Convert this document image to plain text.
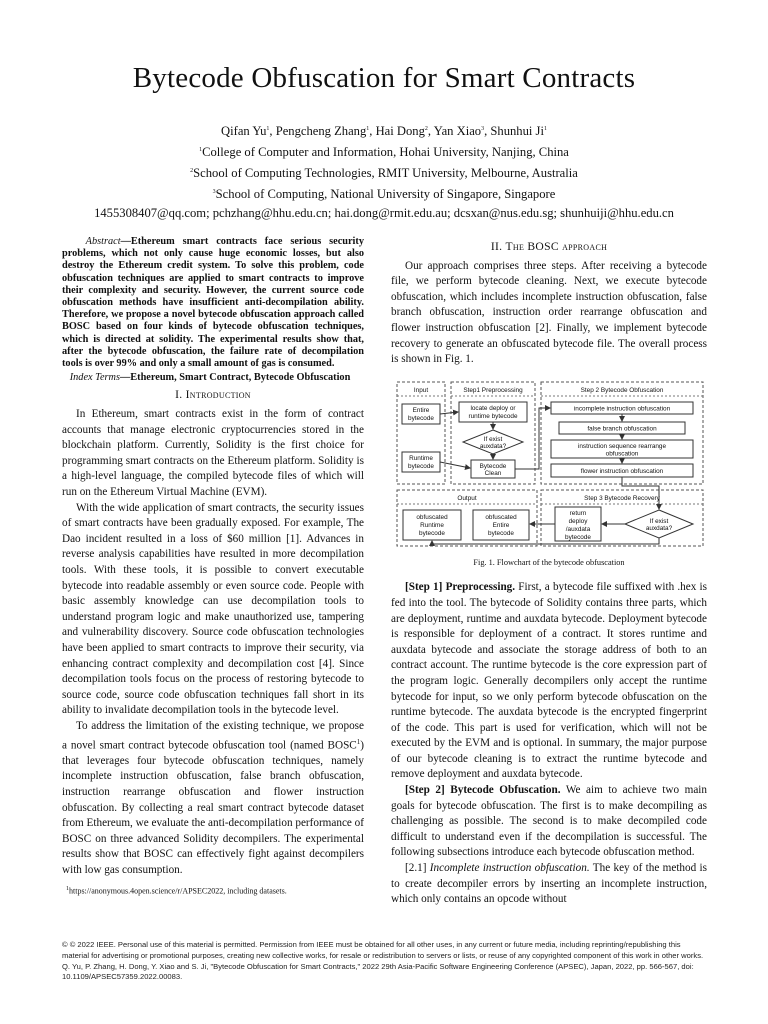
Bytecode Obfuscation for Smart Contracts
Qifan Yu$^1$, Pengcheng Zhang$^1$, Hai Dong$^2$, Yan Xiao$^3$, Shunhui Ji$^1$
$^1$College of Computer and Information, Hohai University, Nanjing, China
$^2$School of Computing Technologies, RMIT University, Melbourne, Australia
$^3$School of Computing, National University of Singapore, Singapore
1455308407@qq.com; pchzhang@hhu.edu.cn; hai.dong@rmit.edu.au; dcsxan@nus.edu.sg; shunhuiji@hhu.edu.cn

Abstract—Ethereum smart contracts face serious security problems, which not only cause huge economic losses, but also destroy the Ethereum credit system. To solve this problem, code obfuscation techniques are applied to smart contracts to improve their complexity and security. However, the current source code obfuscation methods have insufficient anti-decompilation ability. Therefore, we propose a novel bytecode obfuscation approach called BOSC based on four kinds of bytecode obfuscation techniques, which is directed at solidity. The experimental results show that, after the bytecode obfuscation, the failure rate of decompilation tools is over 99% and only a small amount of gas is consumed.

Index Terms—Ethereum, Smart Contract, Bytecode Obfuscation

I. Introduction

In Ethereum, smart contracts exist in the form of contract accounts that manage electronic cryptocurrencies stored in the blockchain platform. Currently, Solidity is the first choice for programming smart contracts on the Ethereum platform. Solidity is a high-level language, the compiled bytecode files of which will run on the Ethereum Virtual Machine (EVM).

With the wide application of smart contracts, the security issues of smart contracts have been gradually exposed. For example, The Dao incident resulted in a loss of $60 million [1]. Advances in reverse analysis capabilities have resulted in more decompilation tools. With these tools, it is possible to convert executable bytecode into readable assembly or even source code. People with basic assembly knowledge can use decompilation tools to understand program logic and make unauthorized use, tampering and vulnerability discovery. Source code obfuscation technologies have been applied to smart contracts to improve their security, via enhancing contract complexity and decompilation cost [4]. Since decompilation tools focus on the process of restoring bytecode to source code, source code obfuscation techniques fall short in its ability to invalidate decompilation tools in the bytecode level.

To address the limitation of the existing technique, we propose a novel smart contract bytecode obfuscation tool (named BOSC$^1$) that leverages four bytecode obfuscation techniques, namely incomplete instruction obfuscation, false branch obfuscation, instruction rearrange obfuscation and flower instruction obfuscation. By collecting a real smart contract bytecode dataset from Ethereum, we evaluate the anti-decompilation performance of BOSC on three advanced Solidity decompilers. The experimental results show that BOSC can effectively fight against decompilers with low gas consumption.

$^1$https://anonymous.4open.science/r/APSEC2022, including datasets.
II. The BOSC approach

Our approach comprises three steps. After receiving a bytecode file, we perform bytecode cleaning. Next, we execute bytecode obfuscation, which includes incomplete instruction obfuscation, false branch obfuscation, instruction order rearrange obfuscation and flower instruction obfuscation [2]. Finally, we implement bytecode recovery to generate an obfuscated bytecode file. The overall process is shown in Fig. 1.

Input	Step1 Preprocessing	Step 2 Bytecode Obfuscation
Output	Step 3 Bytecode Recovery
Entire
bytecode
Runtime
bytecode
locate deploy or
runtime bytecode
If exist
auxdata?
Bytecode
Clean
incomplete instruction obfuscation
false branch obfuscation
instruction sequence rearrange
obfuscation
flower instruction obfuscation
obfuscated
Runtime
bytecode
obfuscated
Entire
bytecode
return
deploy
/auxdata
bytecode
If exist
auxdata?
Fig. 1. Flowchart of the bytecode obfuscation

[Step 1] Preprocessing. First, a bytecode file suffixed with .hex is fed into the tool. The bytecode of Solidity contains three parts, which are deployment, runtime and auxdata bytecode. Deployment bytecode is responsible for deployment of a contract. It stores runtime and auxdata bytecode and associate the storage address of both to an contract account. The runtime bytecode is the core expression part of the program logic. Generally decompilers only accept the runtime bytecode for input, so we only perform bytecode obfuscation on the runtime bytecode. The auxdata bytecode is the encrypted fingerprint of the code. This part is used for verification, which will not be executed by the EVM and is optional. In summary, the major purpose of our bytecode cleaning is to extract the runtime bytecode and remove deployment and auxdata bytecode.

[Step 2] Bytecode Obfuscation. We aim to achieve two main goals for bytecode obfuscation. The first is to make decompiling as challenging as possible. The second is to make decompiled code difficult to understand even if the decompilation is successful. The following subsections introduce each bytecode obfuscation method.

[2.1] Incomplete instruction obfuscation. The key of the method is to create decompiler errors by inserting an incomplete instruction, which only contains an opcode without

© © 2022 IEEE. Personal use of this material is permitted. Permission from IEEE must be obtained for all other uses, in any current or future media, including reprinting/republishing this material for advertising or promotional purposes, creating new collective works, for resale or redistribution to servers or lists, or reuse of any copyrighted component of this work in other works.
Q. Yu, P. Zhang, H. Dong, Y. Xiao and S. Ji, "Bytecode Obfuscation for Smart Contracts," 2022 29th Asia-Pacific Software Engineering Conference (APSEC), Japan, 2022, pp. 566-567, doi: 10.1109/APSEC57359.2022.00083.
